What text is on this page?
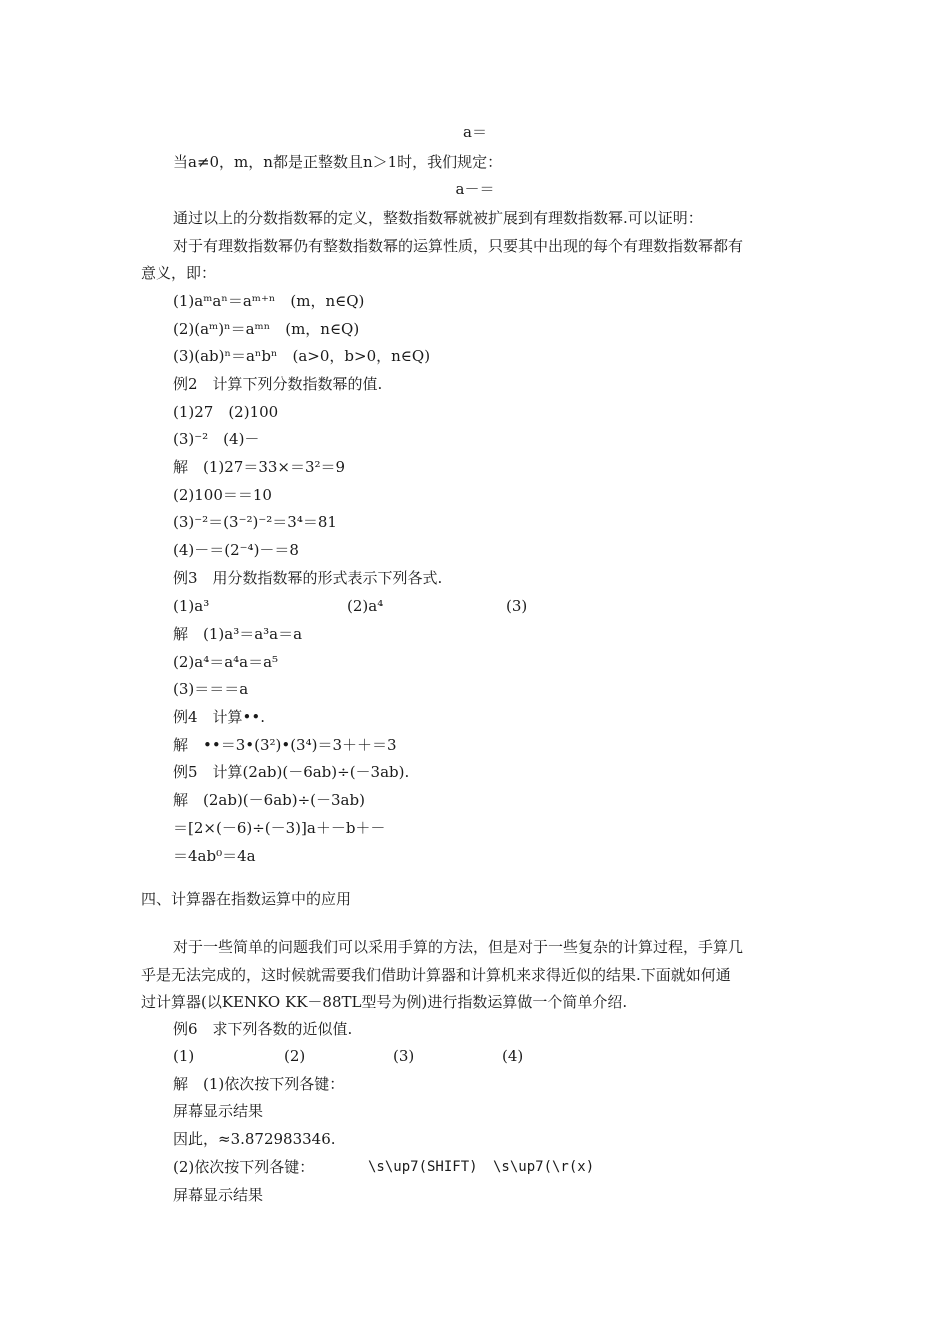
a＝
当a≠0，m，n都是正整数且n＞1时，我们规定：
a－＝
通过以上的分数指数幂的定义，整数指数幂就被扩展到有理数指数幂.可以证明：
对于有理数指数幂仍有整数指数幂的运算性质，只要其中出现的每个有理数指数幂都有
意义，即：
(1)aᵐaⁿ＝aᵐ⁺ⁿ　(m，n∈Q)
(2)(aᵐ)ⁿ＝aᵐⁿ　(m，n∈Q)
(3)(ab)ⁿ＝aⁿbⁿ　(a>0，b>0，n∈Q)
例2　计算下列分数指数幂的值.
(1)27　(2)100
(3)⁻²　(4)－
解　(1)27＝33×＝3²＝9
(2)100＝＝10
(3)⁻²＝(3⁻²)⁻²＝3⁴＝81
(4)－＝(2⁻⁴)－＝8
例3　用分数指数幂的形式表示下列各式.
(1)a³	(2)a⁴	(3)
解　(1)a³＝a³a＝a
(2)a⁴＝a⁴a＝a⁵
(3)＝＝＝a
例4　计算••.
解　••＝3•(3²)•(3⁴)＝3＋＋＝3
例5　计算(2ab)(－6ab)÷(－3ab).
解　(2ab)(－6ab)÷(－3ab)
＝[2×(－6)÷(－3)]a＋－b＋－
＝4ab⁰＝4a
四、计算器在指数运算中的应用
对于一些简单的问题我们可以采用手算的方法，但是对于一些复杂的计算过程，手算几
乎是无法完成的，这时候就需要我们借助计算器和计算机来求得近似的结果.下面就如何通
过计算器(以KENKO KK－88TL型号为例)进行指数运算做一个简单介绍.
例6　求下列各数的近似值.
(1)	(2)	(3)	(4)
解　(1)依次按下列各键：
屏幕显示结果
因此，≈3.872983346.
(2)依次按下列各键：	\s\up7(SHIFT) \s\up7(\r(x)
屏幕显示结果
